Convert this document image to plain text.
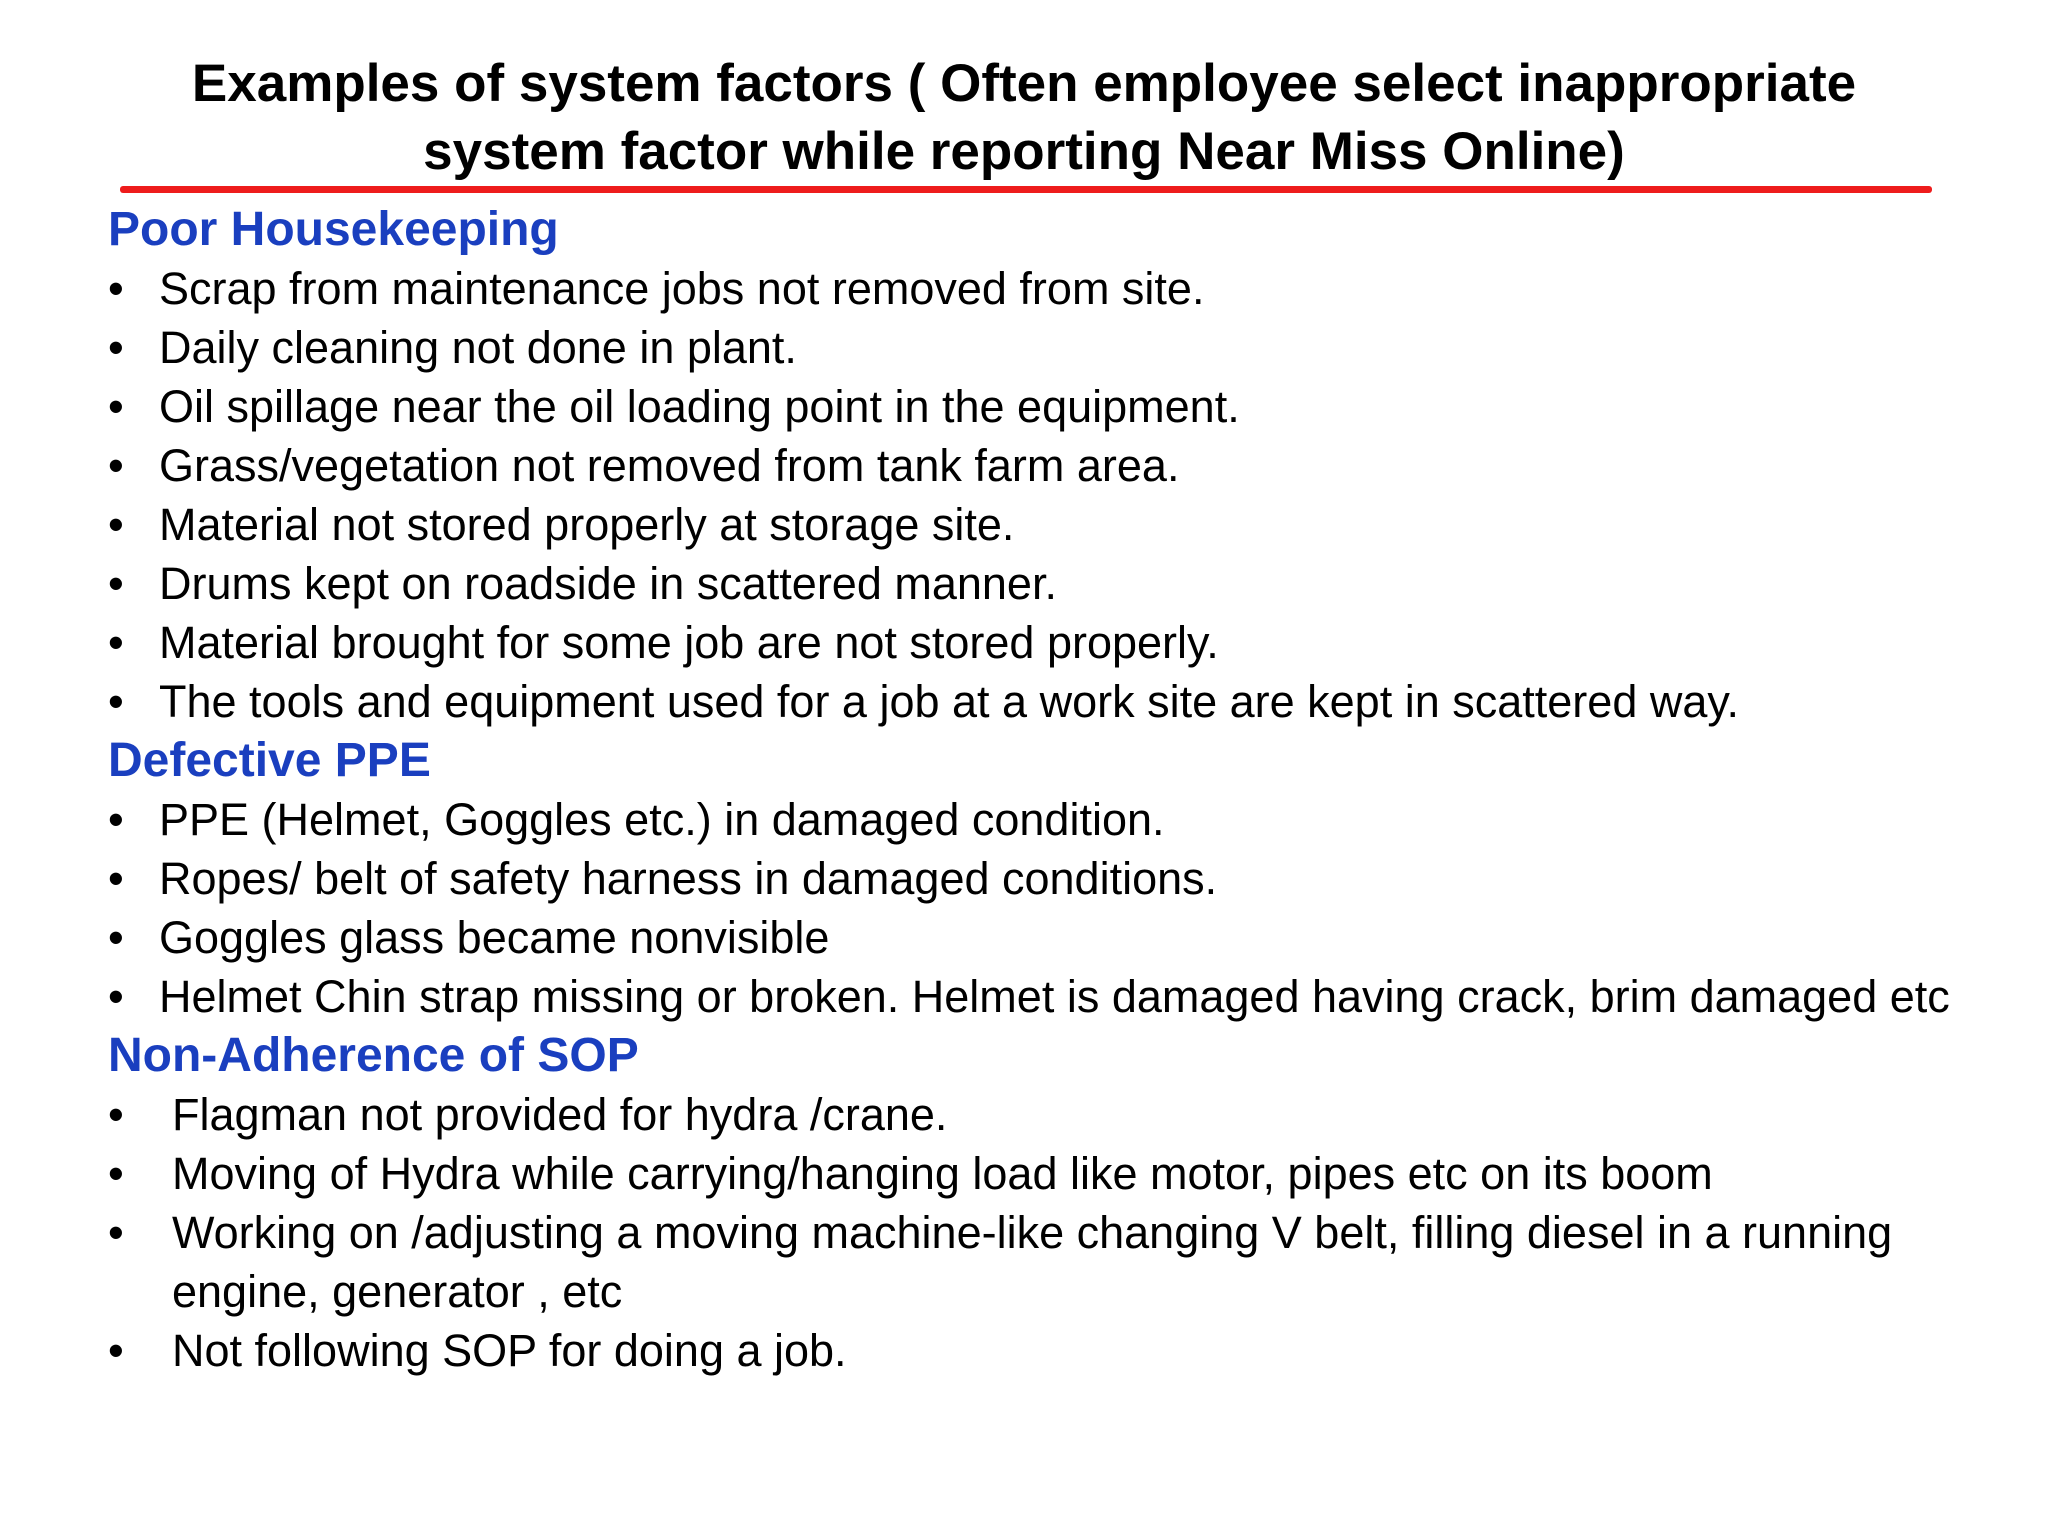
Examples of system factors ( Often employee select inappropriate
system factor while reporting Near Miss Online)
Poor Housekeeping
• Scrap from maintenance jobs not removed from site.
• Daily cleaning not done in plant.
• Oil spillage near the oil loading point in the equipment.
• Grass/vegetation not removed from tank farm area.
• Material not stored properly at storage site.
• Drums kept on roadside in scattered manner.
• Material brought for some job are not stored properly.
• The tools and equipment used for a job at a work site are kept in scattered way.
Defective PPE
• PPE (Helmet, Goggles etc.) in damaged condition.
• Ropes/ belt of safety harness in damaged conditions.
• Goggles glass became nonvisible
• Helmet Chin strap missing or broken. Helmet is damaged having crack, brim damaged etc
Non-Adherence of SOP
• Flagman not provided for hydra /crane.
• Moving of Hydra while carrying/hanging load like motor, pipes etc on its boom
• Working on /adjusting a moving machine-like changing V belt, filling diesel in a running engine, generator , etc
• Not following SOP for doing a job.
